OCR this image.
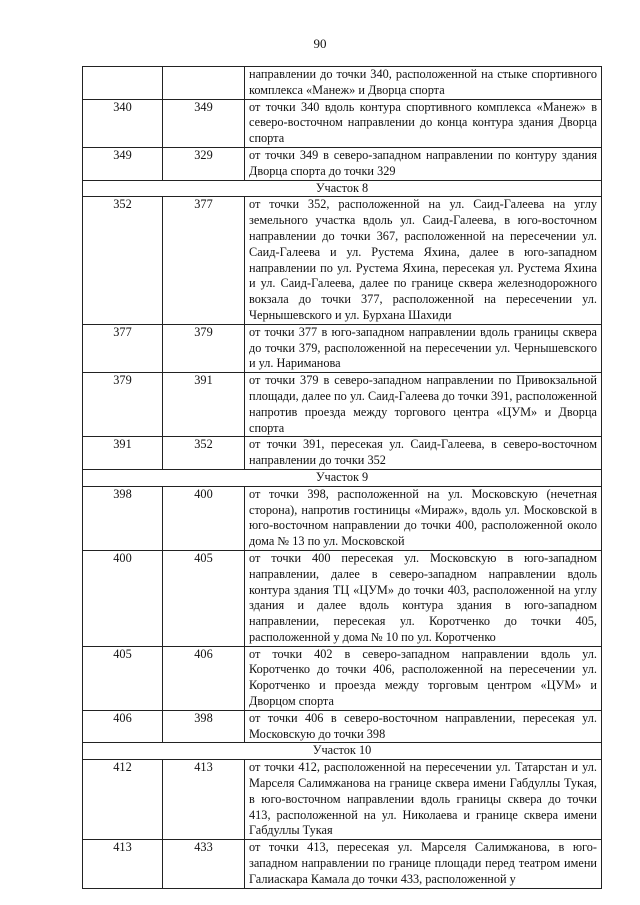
90
		направлении до точки 340, расположенной на стыке спортивного комплекса «Манеж» и Дворца спорта
340	349	от точки 340 вдоль контура спортивного комплекса «Манеж» в северо-восточном направлении до конца контура здания Дворца спорта
349	329	от точки 349 в северо-западном направлении по контуру здания Дворца спорта до точки 329
Участок 8		
352	377	от точки 352, расположенной на ул. Саид-Галеева на углу земельного участка вдоль ул. Саид-Галеева, в юго-восточном направлении до точки 367, расположенной на пересечении ул. Саид-Галеева и ул. Рустема Яхина, далее в юго-западном направлении по ул. Рустема Яхина, пересекая ул. Рустема Яхина и ул. Саид-Галеева, далее по границе сквера железнодорожного вокзала до точки 377, расположенной на пересечении ул. Чернышевского и ул. Бурхана Шахиди
377	379	от точки 377 в юго-западном направлении вдоль границы сквера до точки 379, расположенной на пересечении ул. Чернышевского и ул. Нариманова
379	391	от точки 379 в северо-западном направлении по Привокзальной площади, далее по ул. Саид-Галеева до точки 391, расположенной напротив проезда между торгового центра «ЦУМ» и Дворца спорта
391	352	от точки 391, пересекая ул. Саид-Галеева, в северо-восточном направлении до точки 352
Участок 9		
398	400	от точки 398, расположенной на ул. Московскую (нечетная сторона), напротив гостиницы «Мираж», вдоль ул. Московской в юго-восточном направлении до точки 400, расположенной около дома № 13 по ул. Московской
400	405	от точки 400 пересекая ул. Московскую в юго-западном направлении, далее в северо-западном направлении вдоль контура здания ТЦ «ЦУМ» до точки 403, расположенной на углу здания и далее вдоль контура здания в юго-западном направлении, пересекая ул. Коротченко до точки 405, расположенной у дома № 10 по ул. Коротченко
405	406	от точки 402 в северо-западном направлении вдоль ул. Коротченко до точки 406, расположенной на пересечении ул. Коротченко и проезда между торговым центром «ЦУМ» и Дворцом спорта
406	398	от точки 406 в северо-восточном направлении, пересекая ул. Московскую до точки 398
Участок 10		
412	413	от точки 412, расположенной на пересечении ул. Татарстан и ул. Марселя Салимжанова на границе сквера имени Габдуллы Тукая, в юго-восточном направлении вдоль границы сквера до точки 413, расположенной на ул. Николаева и границе сквера имени Габдуллы Тукая
413	433	от точки 413, пересекая ул. Марселя Салимжанова, в юго-западном направлении по границе площади перед театром имени Галиаскара Камала до точки 433, расположенной у
